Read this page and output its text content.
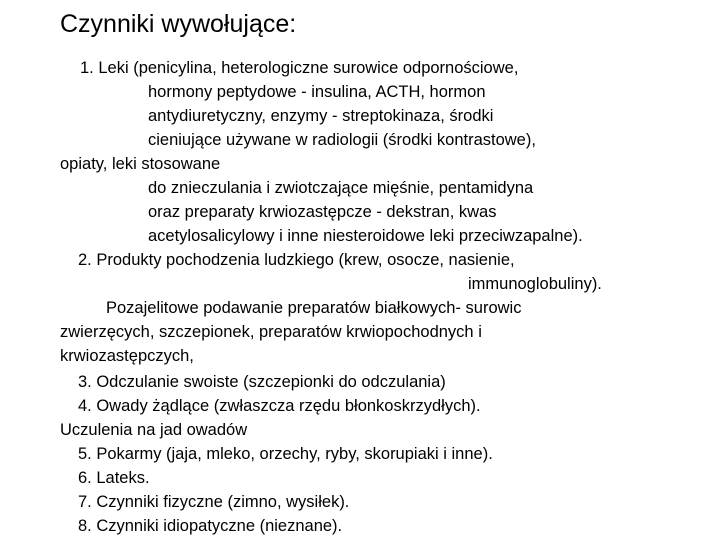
Czynniki wywołujące:
1. Leki (penicylina, heterologiczne surowice odpornościowe,
hormony peptydowe - insulina, ACTH, hormon
antydiuretyczny, enzymy - streptokinaza, środki
cieniujące używane w radiologii (środki kontrastowe),
opiaty, leki stosowane
do znieczulania i zwiotczające mięśnie, pentamidyna
oraz preparaty krwiozastępcze - dekstran, kwas
acetylosalicylowy i inne niesteroidowe leki przeciwzapalne).
2. Produkty pochodzenia ludzkiego (krew, osocze, nasienie,
immunoglobuliny).
Pozajelitowe podawanie preparatów białkowych- surowic
zwierzęcych, szczepionek, preparatów krwiopochodnych i
krwiozastępczych,
3. Odczulanie swoiste (szczepionki do odczulania)
4. Owady żądlące (zwłaszcza rzędu błonkoskrzydłych).
Uczulenia na jad owadów
5. Pokarmy (jaja, mleko, orzechy, ryby, skorupiaki i inne).
6. Lateks.
7. Czynniki fizyczne (zimno, wysiłek).
8. Czynniki idiopatyczne (nieznane).
